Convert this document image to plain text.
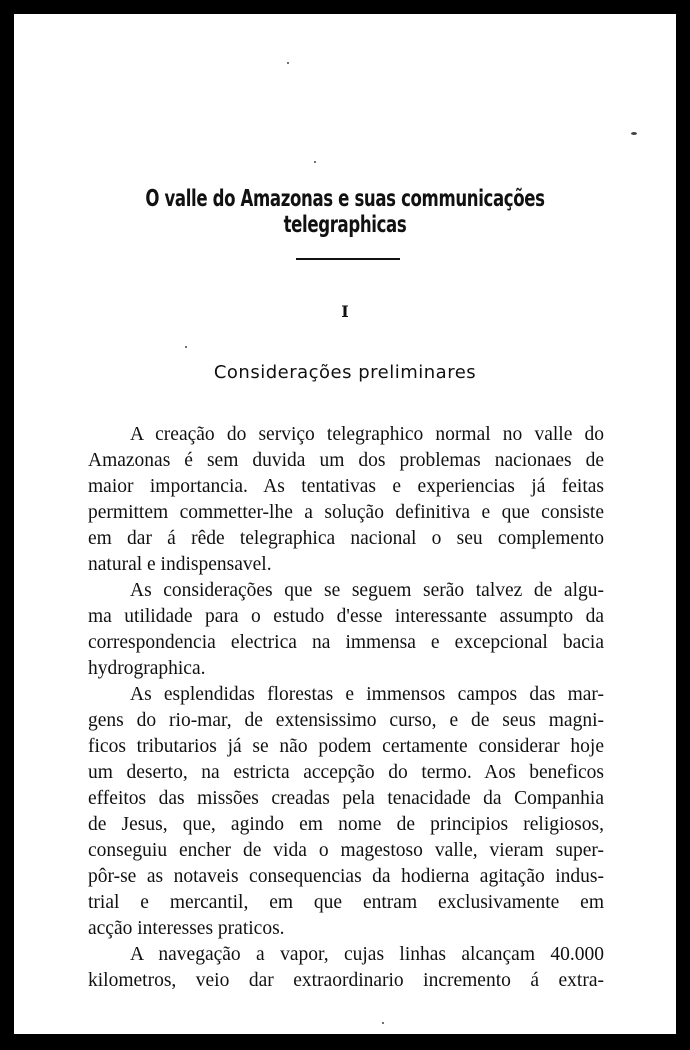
O valle do Amazonas e suas communicações telegraphicas
I
Considerações preliminares
A creação do serviço telegraphico normal no valle do
Amazonas é sem duvida um dos problemas nacionaes de
maior importancia. As tentativas e experiencias já feitas
permittem commetter-lhe a solução definitiva e que consiste
em dar á rêde telegraphica nacional o seu complemento
natural e indispensavel.
As considerações que se seguem serão talvez de algu-
ma utilidade para o estudo d'esse interessante assumpto da
correspondencia electrica na immensa e excepcional bacia
hydrographica.
As esplendidas florestas e immensos campos das mar-
gens do rio-mar, de extensissimo curso, e de seus magni-
ficos tributarios já se não podem certamente considerar hoje
um deserto, na estricta accepção do termo. Aos beneficos
effeitos das missões creadas pela tenacidade da Companhia
de Jesus, que, agindo em nome de principios religiosos,
conseguiu encher de vida o magestoso valle, vieram super-
pôr-se as notaveis consequencias da hodierna agitação indus-
trial e mercantil, em que entram exclusivamente em
acção interesses praticos.
A navegação a vapor, cujas linhas alcançam 40.000
kilometros, veio dar extraordinario incremento á extra-
